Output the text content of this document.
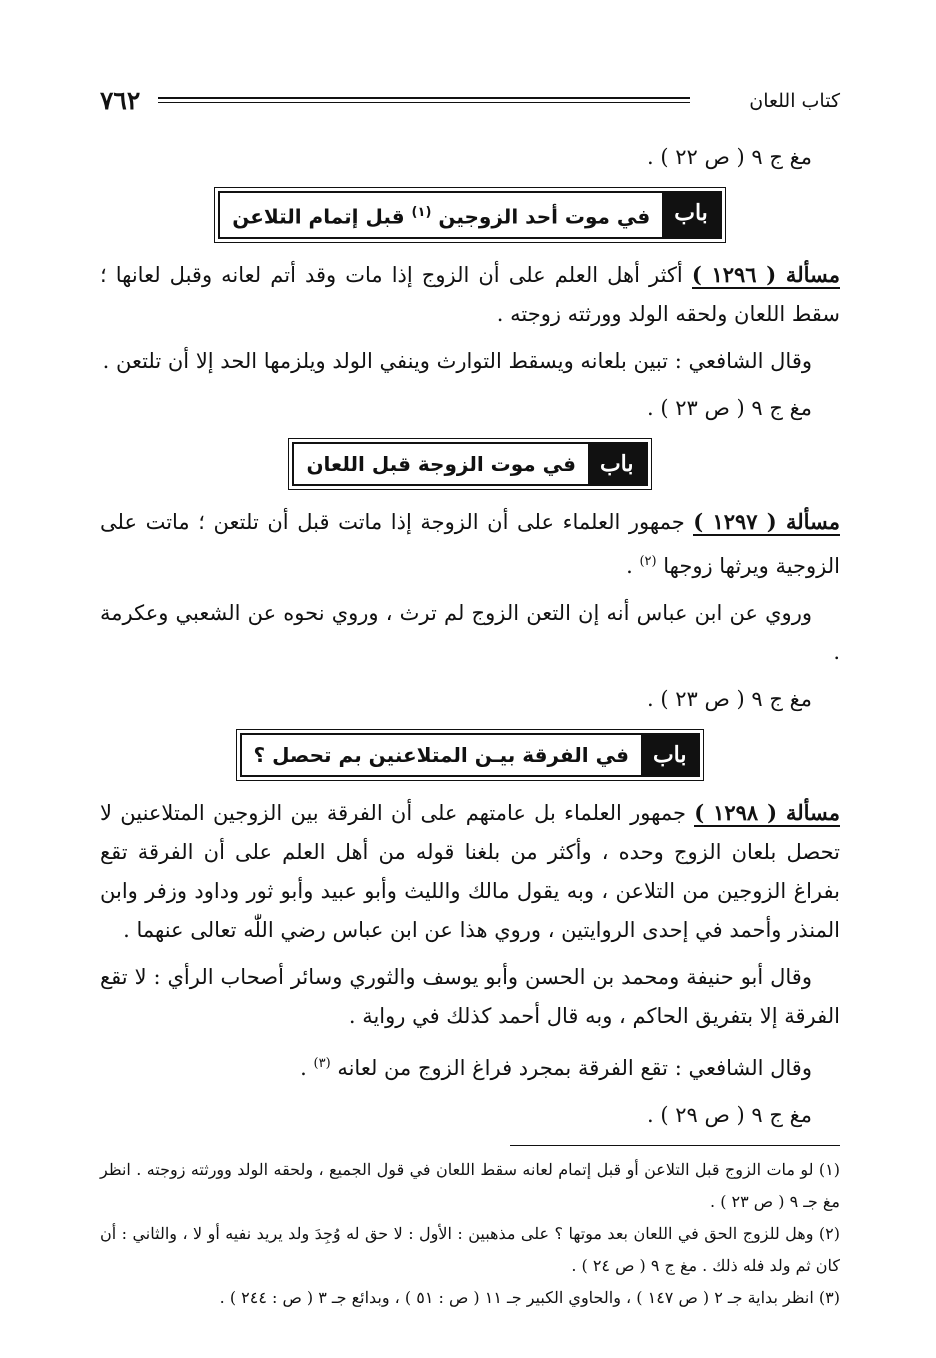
٧٦٢	كتاب اللعان

مغ ج ٩ ( ص ٢٢ ) .

باب
في موت أحد الزوجين $^{(١)}$ قبل إتمام التلاعن

مسألة ( ١٢٩٦ ) أكثر أهل العلم على أن الزوج إذا مات وقد أتم لعانه وقبل لعانها ؛ سقط اللعان ولحقه الولد وورثته زوجته .

وقال الشافعي : تبين بلعانه ويسقط التوارث وينفي الولد ويلزمها الحد إلا أن تلتعن .

مغ ج ٩ ( ص ٢٣ ) .

باب
في موت الزوجة قبل اللعان

مسألة ( ١٢٩٧ ) جمهور العلماء على أن الزوجة إذا ماتت قبل أن تلتعن ؛ ماتت على الزوجية ويرثها زوجها $^{(٢)}$ .

وروي عن ابن عباس أنه إن التعن الزوج لم ترث ، وروي نحوه عن الشعبي وعكرمة .

مغ ج ٩ ( ص ٢٣ ) .

باب
في الفرقة بيـن المتلاعنين بم تحصل ؟

مسألة ( ١٢٩٨ ) جمهور العلماء بل عامتهم على أن الفرقة بين الزوجين المتلاعنين لا تحصل بلعان الزوج وحده ، وأكثر من بلغنا قوله من أهل العلم على أن الفرقة تقع بفراغ الزوجين من التلاعن ، وبه يقول مالك والليث وأبو عبيد وأبو ثور وداود وزفر وابن المنذر وأحمد في إحدى الروايتين ، وروي هذا عن ابن عباس رضي اللّٰه تعالى عنهما .

وقال أبو حنيفة ومحمد بن الحسن وأبو يوسف والثوري وسائر أصحاب الرأي : لا تقع الفرقة إلا بتفريق الحاكم ، وبه قال أحمد كذلك في رواية .

وقال الشافعي : تقع الفرقة بمجرد فراغ الزوج من لعانه $^{(٣)}$ .

مغ ج ٩ ( ص ٢٩ ) .

(١) لو مات الزوج قبل التلاعن أو قبل إتمام لعانه سقط اللعان في قول الجميع ، ولحقه الولد وورثته زوجته . انظر مغ جـ ٩ ( ص ٢٣ ) .

(٢) وهل للزوج الحق في اللعان بعد موتها ؟ على مذهبين : الأول : لا حق له وُجِدَ ولد يريد نفيه أو لا ، والثاني : أن كان ثم ولد فله ذلك . مغ ج ٩ ( ص ٢٤ ) .

(٣) انظر بداية جـ ٢ ( ص ١٤٧ ) ، والحاوي الكبير جـ ١١ ( ص : ٥١ ) ، وبدائع جـ ٣ ( ص : ٢٤٤ ) .
